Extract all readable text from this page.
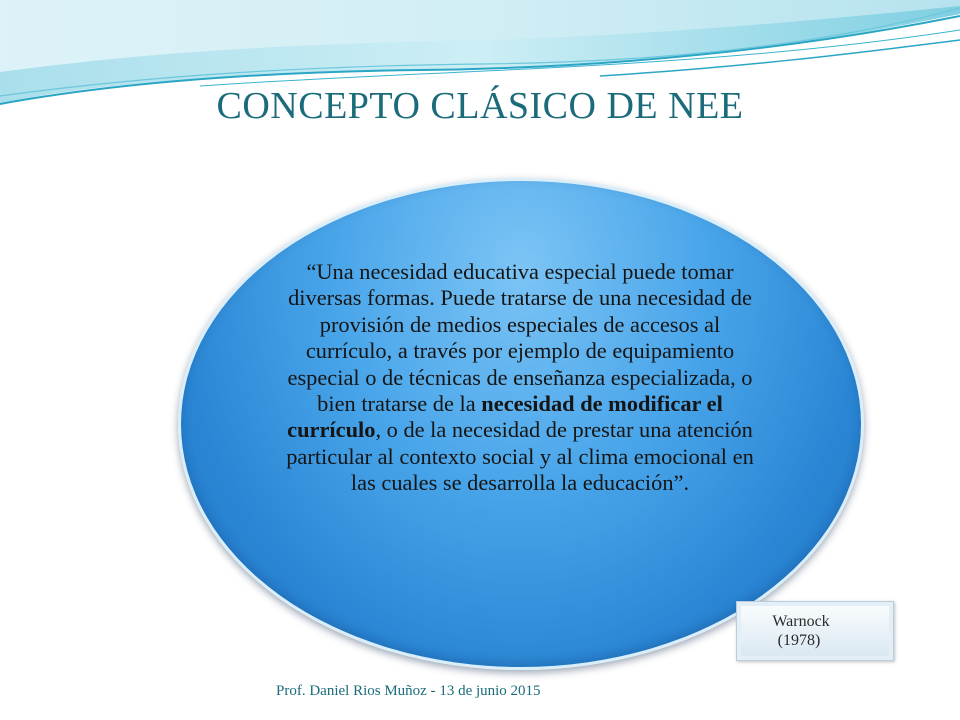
CONCEPTO CLÁSICO DE NEE
“Una necesidad educativa especial puede tomar diversas formas. Puede tratarse de una necesidad de provisión de medios especiales de accesos al currículo, a través por ejemplo de equipamiento especial o de técnicas de enseñanza especializada, o bien tratarse de la necesidad de modificar el currículo, o de la necesidad de prestar una atención particular al contexto social y al clima emocional en las cuales se desarrolla la educación”.
Warnock
(1978)
Prof. Daniel Rios Muñoz - 13 de junio 2015
